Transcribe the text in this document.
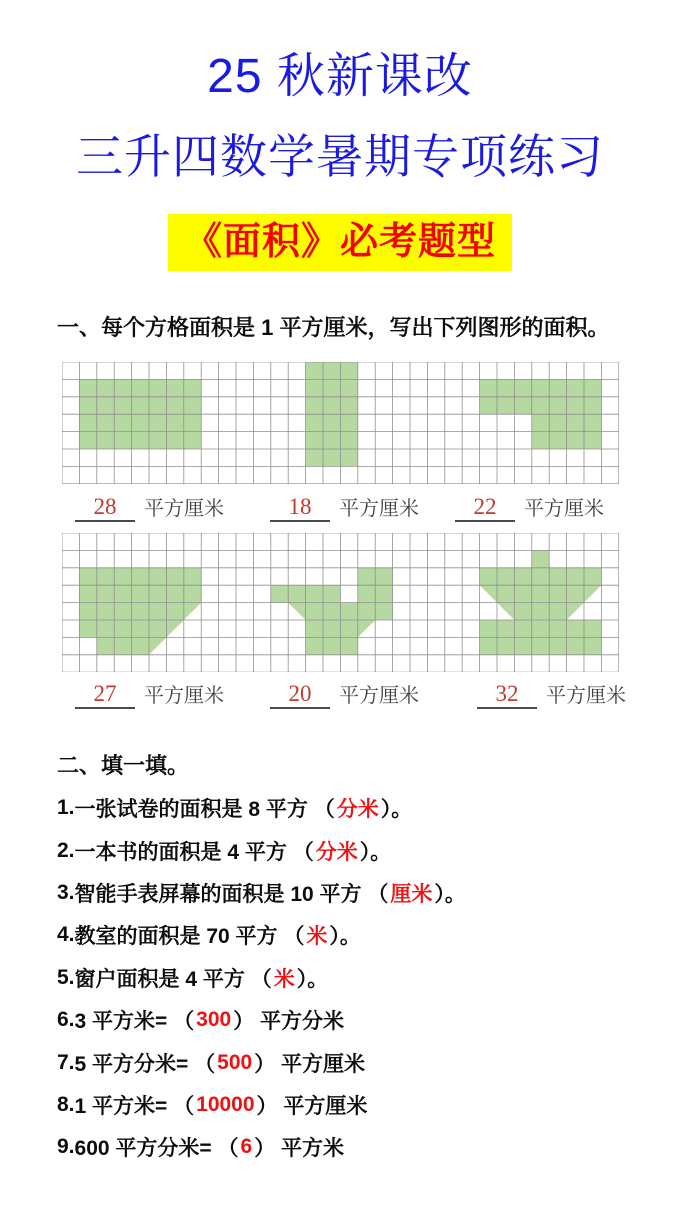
25 秋新课改
三升四数学暑期专项练习
《面积》必考题型
一、每个方格面积是 1 平方厘米，写出下列图形的面积。
28 平方厘米	18 平方厘米	22 平方厘米
27 平方厘米	20 平方厘米	32 平方厘米
二、填一填。
1. 一张试卷的面积是 8 平方 （ 分米 ）。
2. 一本书的面积是 4 平方 （ 分米 ）。
3. 智能手表屏幕的面积是 10 平方 （ 厘米 ）。
4. 教室的面积是 70 平方 （ 米 ）。
5. 窗户面积是 4 平方 （ 米 ）。
6. 3 平方米= （ 300 ） 平方分米
7. 5 平方分米= （ 500 ） 平方厘米
8. 1 平方米= （ 10000 ） 平方厘米
9. 600 平方分米= （ 6 ） 平方米
